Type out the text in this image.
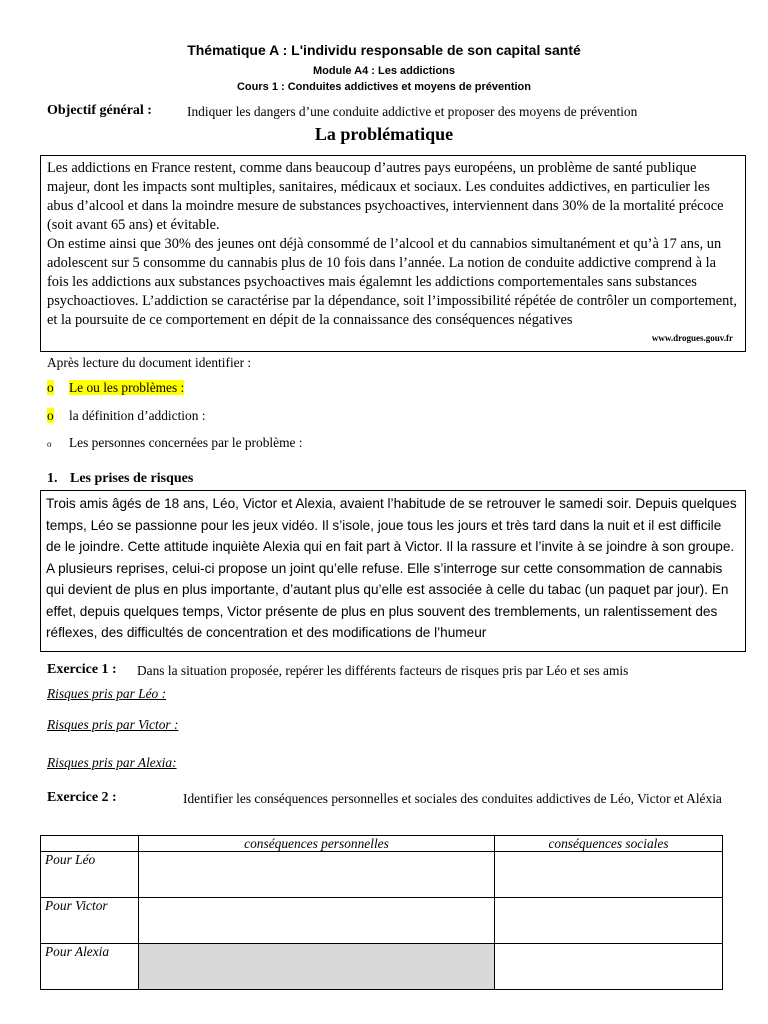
Thématique A : L'individu responsable de son capital santé
Module A4 : Les addictions
Cours 1 : Conduites addictives et moyens de prévention
Objectif général :	Indiquer les dangers d’une conduite addictive et proposer des moyens de prévention
La problématique

Les addictions en France restent, comme dans beaucoup d’autres pays européens, un problème de santé publique majeur, dont les impacts sont multiples, sanitaires, médicaux et sociaux. Les conduites addictives, en particulier les abus d’alcool et dans la moindre mesure de substances psychoactives, interviennent dans 30% de la mortalité précoce (soit avant 65 ans) et évitable.

On estime ainsi que 30% des jeunes ont déjà consommé de l’alcool et du cannabios simultanément et qu’à 17 ans, un adolescent sur 5 consomme du cannabis plus de 10 fois dans l’année. La notion de conduite addictive comprend à la fois les addictions aux substances psychoactives mais égalemnt les addictions comportementales sans substances psychoactioves. L’addiction se caractérise par la dépendance, soit l’impossibilité répétée de contrôler un comportement, et la poursuite de ce comportement en dépit de la connaissance des conséquences négatives

www.drogues.gouv.fr
Après lecture du document identifier :
o Le ou les problèmes :
o la définition d’addiction :
o Les personnes concernées par le problème :
1. Les prises de risques
Trois amis âgés de 18 ans, Léo, Victor et Alexia, avaient l’habitude de se retrouver le samedi soir. Depuis quelques temps, Léo se passionne pour les jeux vidéo. Il s’isole, joue tous les jours et très tard dans la nuit et il est difficile de le joindre. Cette attitude inquiète Alexia qui en fait part à Victor. Il la rassure et l’invite à se joindre à son groupe. A plusieurs reprises, celui-ci propose un joint qu’elle refuse. Elle s’interroge sur cette consommation de cannabis qui devient de plus en plus importante, d’autant plus qu’elle est associée à celle du tabac (un paquet par jour). En effet, depuis quelques temps, Victor présente de plus en plus souvent des tremblements, un ralentissement des réflexes, des difficultés de concentration et des modifications de l’humeur
Exercice 1 : Dans la situation proposée, repérer les différents facteurs de risques pris par Léo et ses amis
Risques pris par Léo :
Risques pris par Victor :
Risques pris par Alexia:
Exercice 2 :	Identifier les conséquences personnelles et sociales des conduites addictives de Léo, Victor et Aléxia
	conséquences personnelles	conséquences sociales
Pour Léo		
Pour Victor		
Pour Alexia		
